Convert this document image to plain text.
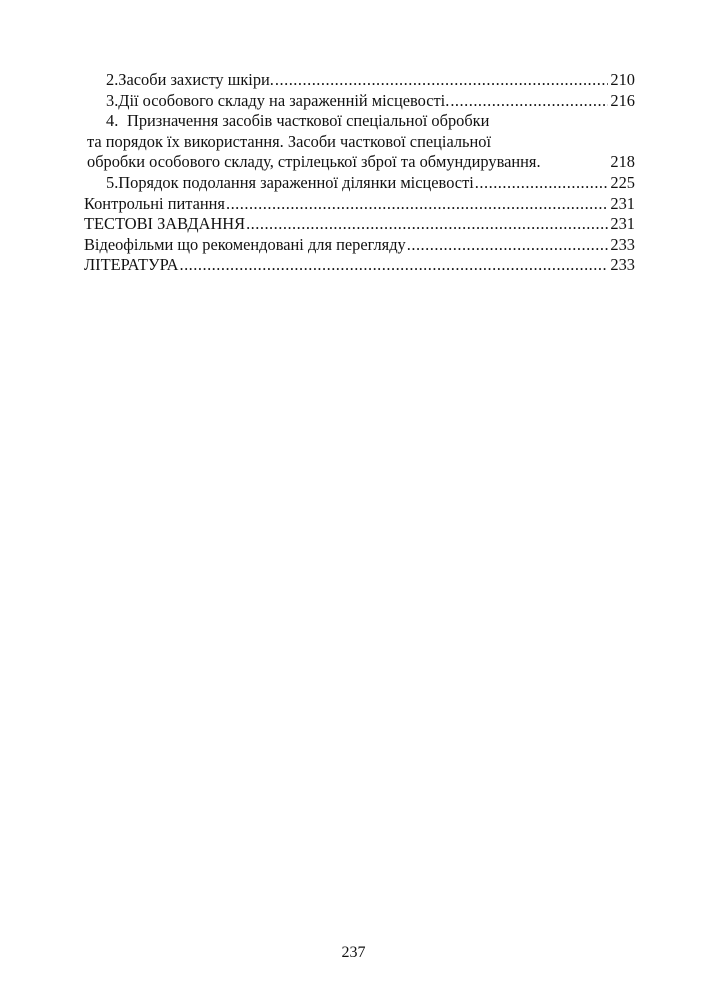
2. Засоби захисту шкіри. .....	210
3. Дії особового складу на зараженній місцевості. .....	216
4. Призначення засобів часткової спеціальної обробки
та порядок їх використання. Засоби часткової спеціальної
обробки особового складу, стрілецької зброї та обмундирування.	218
5. Порядок подолання зараженної ділянки місцевості .....	225
Контрольні питання .....	231
ТЕСТОВІ ЗАВДАННЯ .....	231
Відеофільми що рекомендовані для перегляду .....	233
ЛІТЕРАТУРА .....	233
237
